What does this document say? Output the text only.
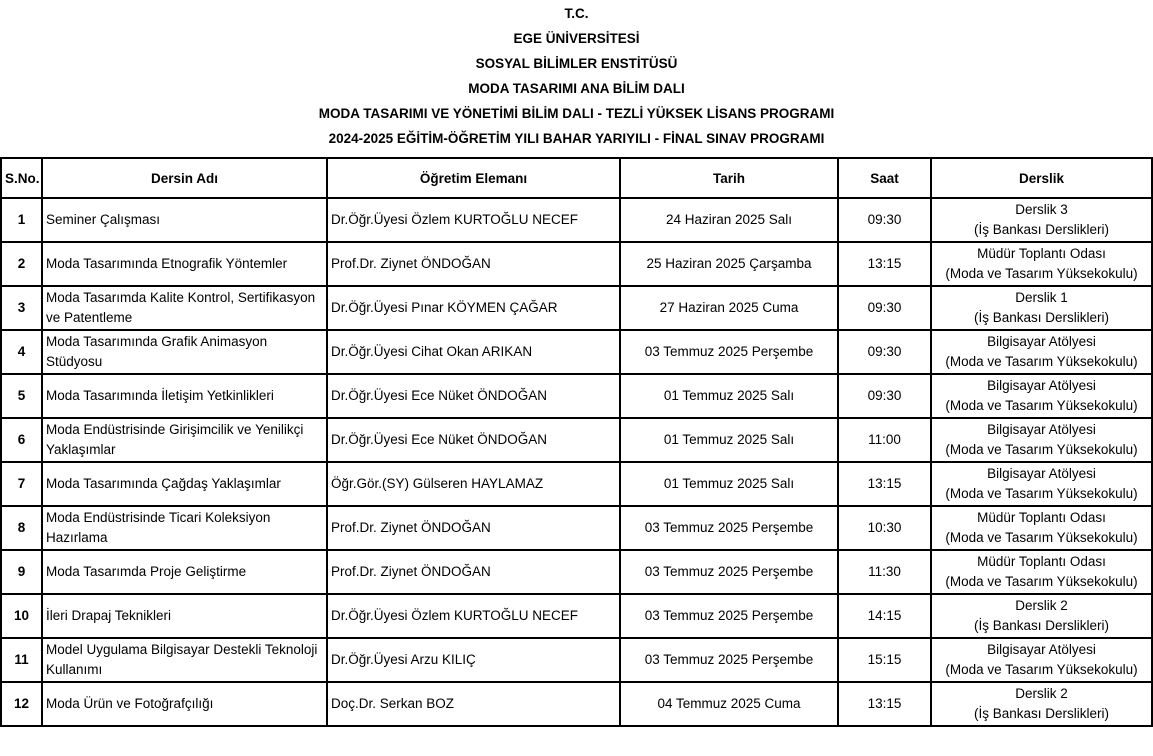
T.C.
EGE ÜNİVERSİTESİ
SOSYAL BİLİMLER ENSTİTÜSÜ
MODA TASARIMI ANA BİLİM DALI
MODA TASARIMI VE YÖNETİMİ BİLİM DALI - TEZLİ YÜKSEK LİSANS PROGRAMI
2024-2025 EĞİTİM-ÖĞRETİM YILI BAHAR YARIYILI - FİNAL SINAV PROGRAMI
S.No.	Dersin Adı	Öğretim Elemanı	Tarih	Saat	Derslik
1	Seminer Çalışması	Dr.Öğr.Üyesi Özlem KURTOĞLU NECEF	24 Haziran 2025 Salı	09:30	Derslik 3
(İş Bankası Derslikleri)

2	Moda Tasarımında Etnografik Yöntemler	Prof.Dr. Ziynet ÖNDOĞAN	25 Haziran 2025 Çarşamba	13:15	Müdür Toplantı Odası
(Moda ve Tasarım Yüksekokulu)

3	Moda Tasarımda Kalite Kontrol, Sertifikasyon ve Patentleme	Dr.Öğr.Üyesi Pınar KÖYMEN ÇAĞAR	27 Haziran 2025 Cuma	09:30	Derslik 1
(İş Bankası Derslikleri)

4	Moda Tasarımında Grafik Animasyon Stüdyosu	Dr.Öğr.Üyesi Cihat Okan ARIKAN	03 Temmuz 2025 Perşembe	09:30	Bilgisayar Atölyesi
(Moda ve Tasarım Yüksekokulu)

5	Moda Tasarımında İletişim Yetkinlikleri	Dr.Öğr.Üyesi Ece Nüket ÖNDOĞAN	01 Temmuz 2025 Salı	09:30	Bilgisayar Atölyesi
(Moda ve Tasarım Yüksekokulu)

6	Moda Endüstrisinde Girişimcilik ve Yenilikçi Yaklaşımlar	Dr.Öğr.Üyesi Ece Nüket ÖNDOĞAN	01 Temmuz 2025 Salı	11:00	Bilgisayar Atölyesi
(Moda ve Tasarım Yüksekokulu)

7	Moda Tasarımında Çağdaş Yaklaşımlar	Öğr.Gör.(SY) Gülseren HAYLAMAZ	01 Temmuz 2025 Salı	13:15	Bilgisayar Atölyesi
(Moda ve Tasarım Yüksekokulu)

8	Moda Endüstrisinde Ticari Koleksiyon Hazırlama	Prof.Dr. Ziynet ÖNDOĞAN	03 Temmuz 2025 Perşembe	10:30	Müdür Toplantı Odası
(Moda ve Tasarım Yüksekokulu)

9	Moda Tasarımda Proje Geliştirme	Prof.Dr. Ziynet ÖNDOĞAN	03 Temmuz 2025 Perşembe	11:30	Müdür Toplantı Odası
(Moda ve Tasarım Yüksekokulu)

10	İleri Drapaj Teknikleri	Dr.Öğr.Üyesi Özlem KURTOĞLU NECEF	03 Temmuz 2025 Perşembe	14:15	Derslik 2
(İş Bankası Derslikleri)

11	Model Uygulama Bilgisayar Destekli Teknoloji Kullanımı	Dr.Öğr.Üyesi Arzu KILIÇ	03 Temmuz 2025 Perşembe	15:15	Bilgisayar Atölyesi
(Moda ve Tasarım Yüksekokulu)

12	Moda Ürün ve Fotoğrafçılığı	Doç.Dr. Serkan BOZ	04 Temmuz 2025 Cuma	13:15	Derslik 2
(İş Bankası Derslikleri)
